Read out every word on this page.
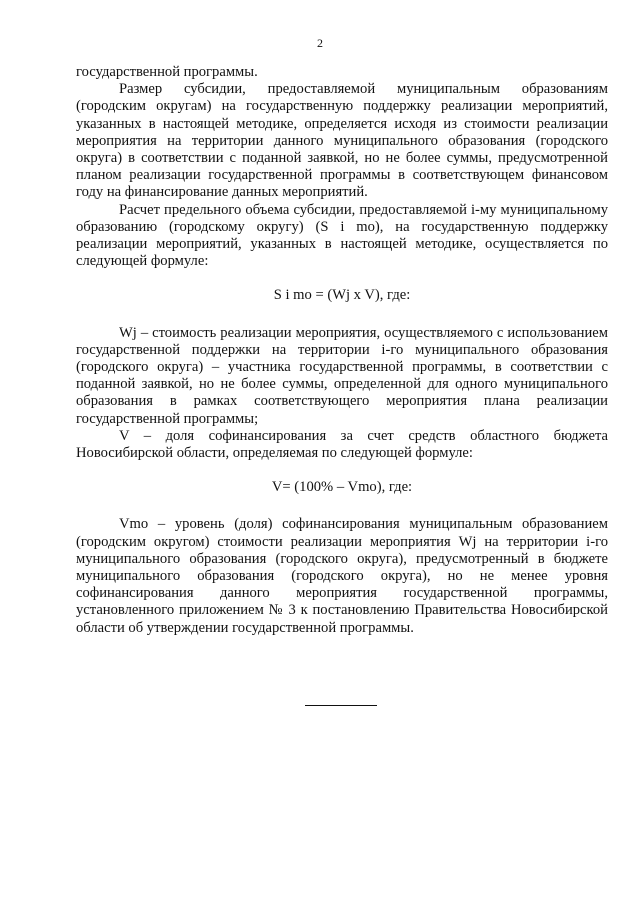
2

государственной программы.

Размер субсидии, предоставляемой муниципальным образованиям (городским округам) на государственную поддержку реализации мероприятий, указанных в настоящей методике, определяется исходя из стоимости реализации мероприятия на территории данного муниципального образования (городского округа) в соответствии с поданной заявкой, но не более суммы, предусмотренной планом реализации государственной программы в соответствующем финансовом году на финансирование данных мероприятий.

Расчет предельного объема субсидии, предоставляемой i-му муниципальному образованию (городскому округу) (S i mo), на государственную поддержку реализации мероприятий, указанных в настоящей методике, осуществляется по следующей формуле:

S i mo = (Wj x V), где:

Wj – стоимость реализации мероприятия, осуществляемого с использованием государственной поддержки на территории i-го муниципального образования (городского округа) – участника государственной программы, в соответствии с поданной заявкой, но не более суммы, определенной для одного муниципального образования в рамках соответствующего мероприятия плана реализации государственной программы;

V – доля софинансирования за счет средств областного бюджета Новосибирской области, определяемая по следующей формуле:

V= (100% – Vmo), где:

Vmo – уровень (доля) софинансирования муниципальным образованием (городским округом) стоимости реализации мероприятия Wj на территории i-го муниципального образования (городского округа), предусмотренный в бюджете муниципального образования (городского округа), но не менее уровня софинансирования данного мероприятия государственной программы, установленного приложением № 3 к постановлению Правительства Новосибирской области об утверждении государственной программы.
